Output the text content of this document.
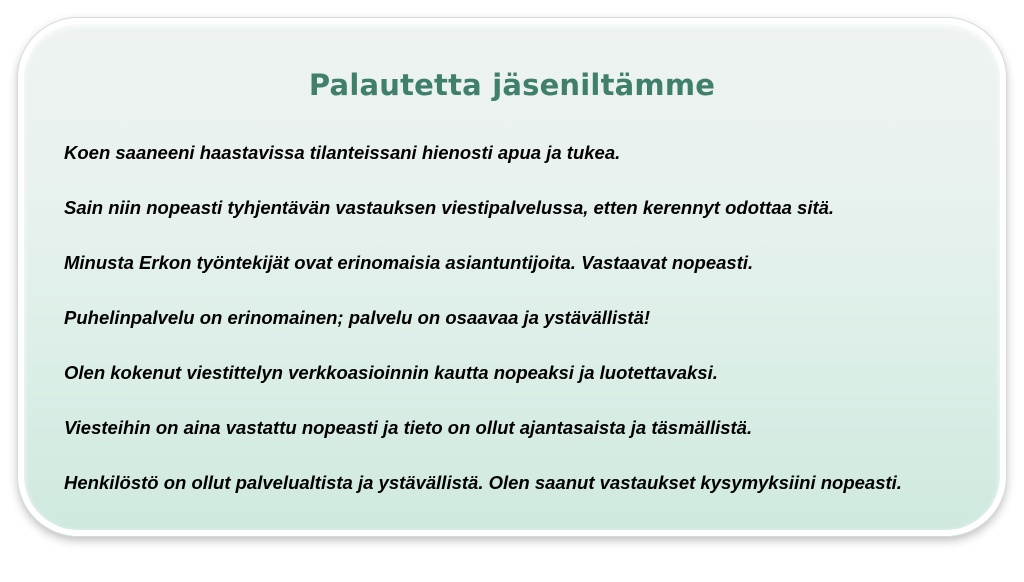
Palautetta jäseniltämme
Koen saaneeni haastavissa tilanteissani hienosti apua ja tukea.
Sain niin nopeasti tyhjentävän vastauksen viestipalvelussa, etten kerennyt odottaa sitä.
Minusta Erkon työntekijät ovat erinomaisia asiantuntijoita. Vastaavat nopeasti.
Puhelinpalvelu on erinomainen; palvelu on osaavaa ja ystävällistä!
Olen kokenut viestittelyn verkkoasioinnin kautta nopeaksi ja luotettavaksi.
Viesteihin on aina vastattu nopeasti ja tieto on ollut ajantasaista ja täsmällistä.
Henkilöstö on ollut palvelualtista ja ystävällistä. Olen saanut vastaukset kysymyksiini nopeasti.
